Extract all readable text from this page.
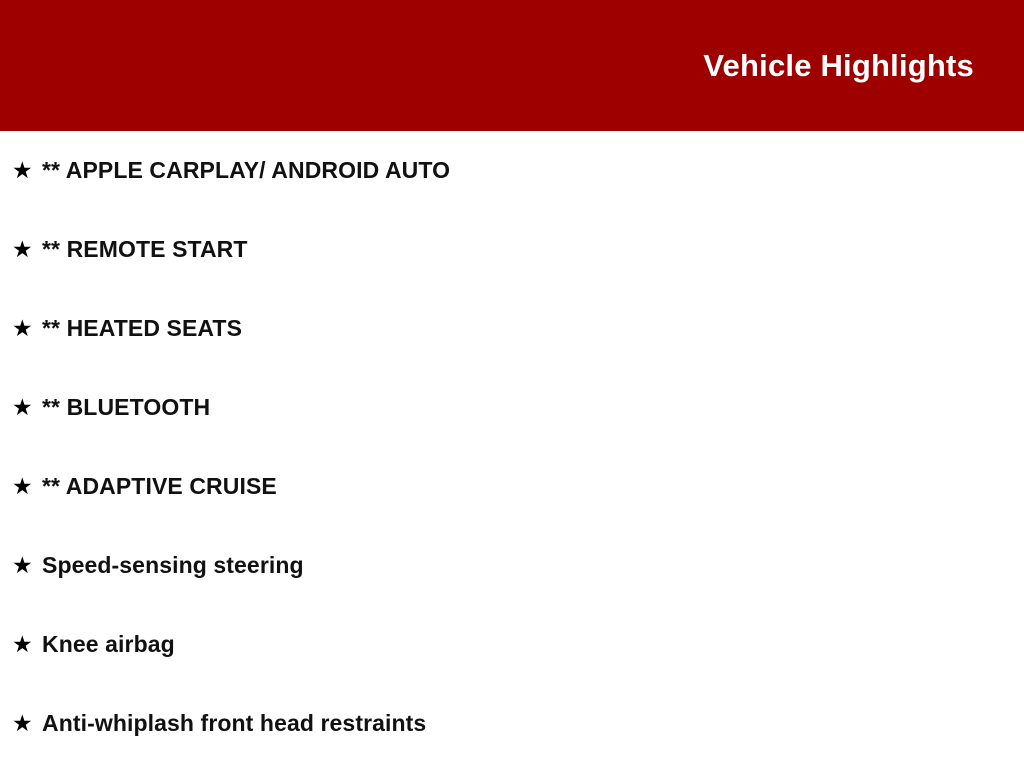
Vehicle Highlights
★ ** APPLE CARPLAY/ ANDROID AUTO
★ ** REMOTE START
★ ** HEATED SEATS
★ ** BLUETOOTH
★ ** ADAPTIVE CRUISE
★ Speed-sensing steering
★ Knee airbag
★ Anti-whiplash front head restraints
